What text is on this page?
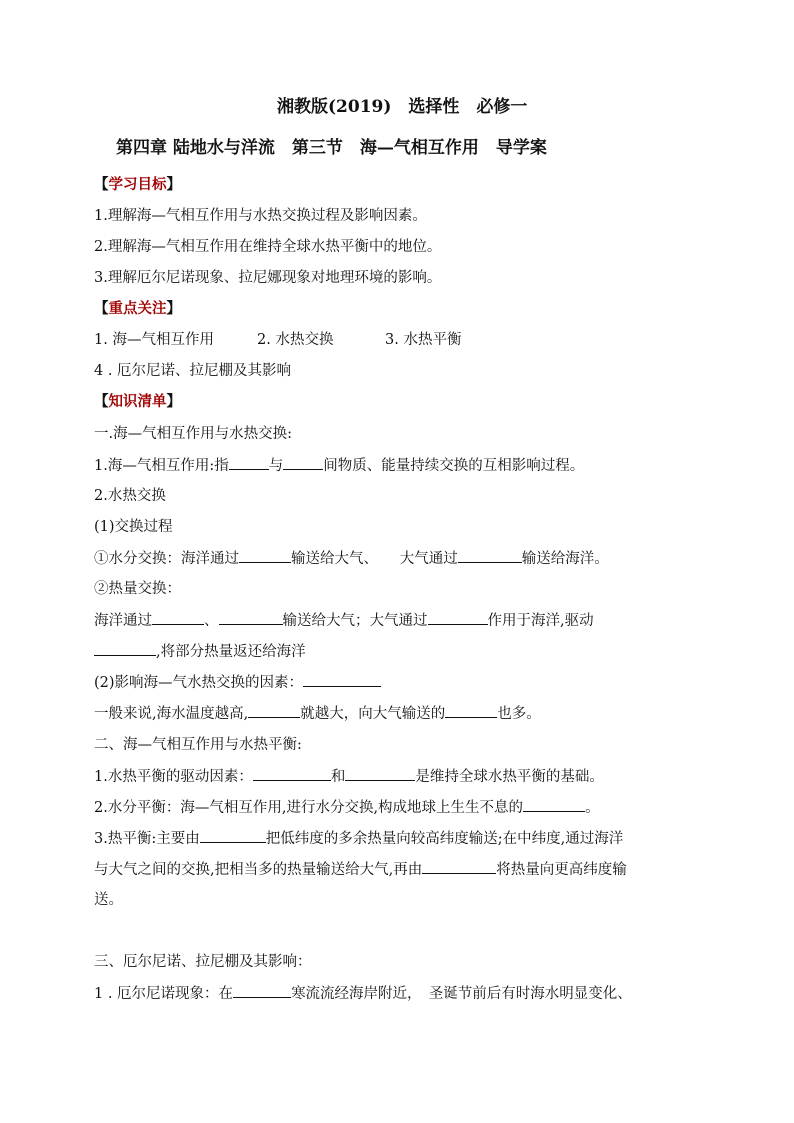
湘教版(2019)　选择性　必修一
第四章 陆地水与洋流　第三节　海—气相互作用　导学案
【学习目标】
1.理解海—气相互作用与水热交换过程及影响因素。
2.理解海—气相互作用在维持全球水热平衡中的地位。
3.理解厄尔尼诺现象、拉尼娜现象对地理环境的影响。
【重点关注】
1. 海—气相互作用	2. 水热交换	3. 水热平衡
4 . 厄尔尼诺、拉尼棚及其影响
【知识清单】
一.海—气相互作用与水热交换:
1.海—气相互作用:指	与	间物质、能量持续交换的互相影响过程。
2.水热交换
(1)交换过程
①水分交换：海洋通过	输送给大气、　　大气通过	输送给海洋。
②热量交换：
海洋通过	、	输送给大气；大气通过	作用于海洋,驱动
,将部分热量返还给海洋
(2)影响海—气水热交换的因素：
一般来说,海水温度越高,	就越大，向大气输送的	也多。
二、海—气相互作用与水热平衡:
1.水热平衡的驱动因素：	和	是维持全球水热平衡的基础。
2.水分平衡：海—气相互作用,进行水分交换,构成地球上生生不息的	。
3.热平衡:主要由	把低纬度的多余热量向较高纬度输送;在中纬度,通过海洋
与大气之间的交换,把相当多的热量输送给大气,再由	将热量向更高纬度输
送。
三、厄尔尼诺、拉尼棚及其影响：
1 . 厄尔尼诺现象：在	寒流流经海岸附近，　圣诞节前后有时海水明显变化、
